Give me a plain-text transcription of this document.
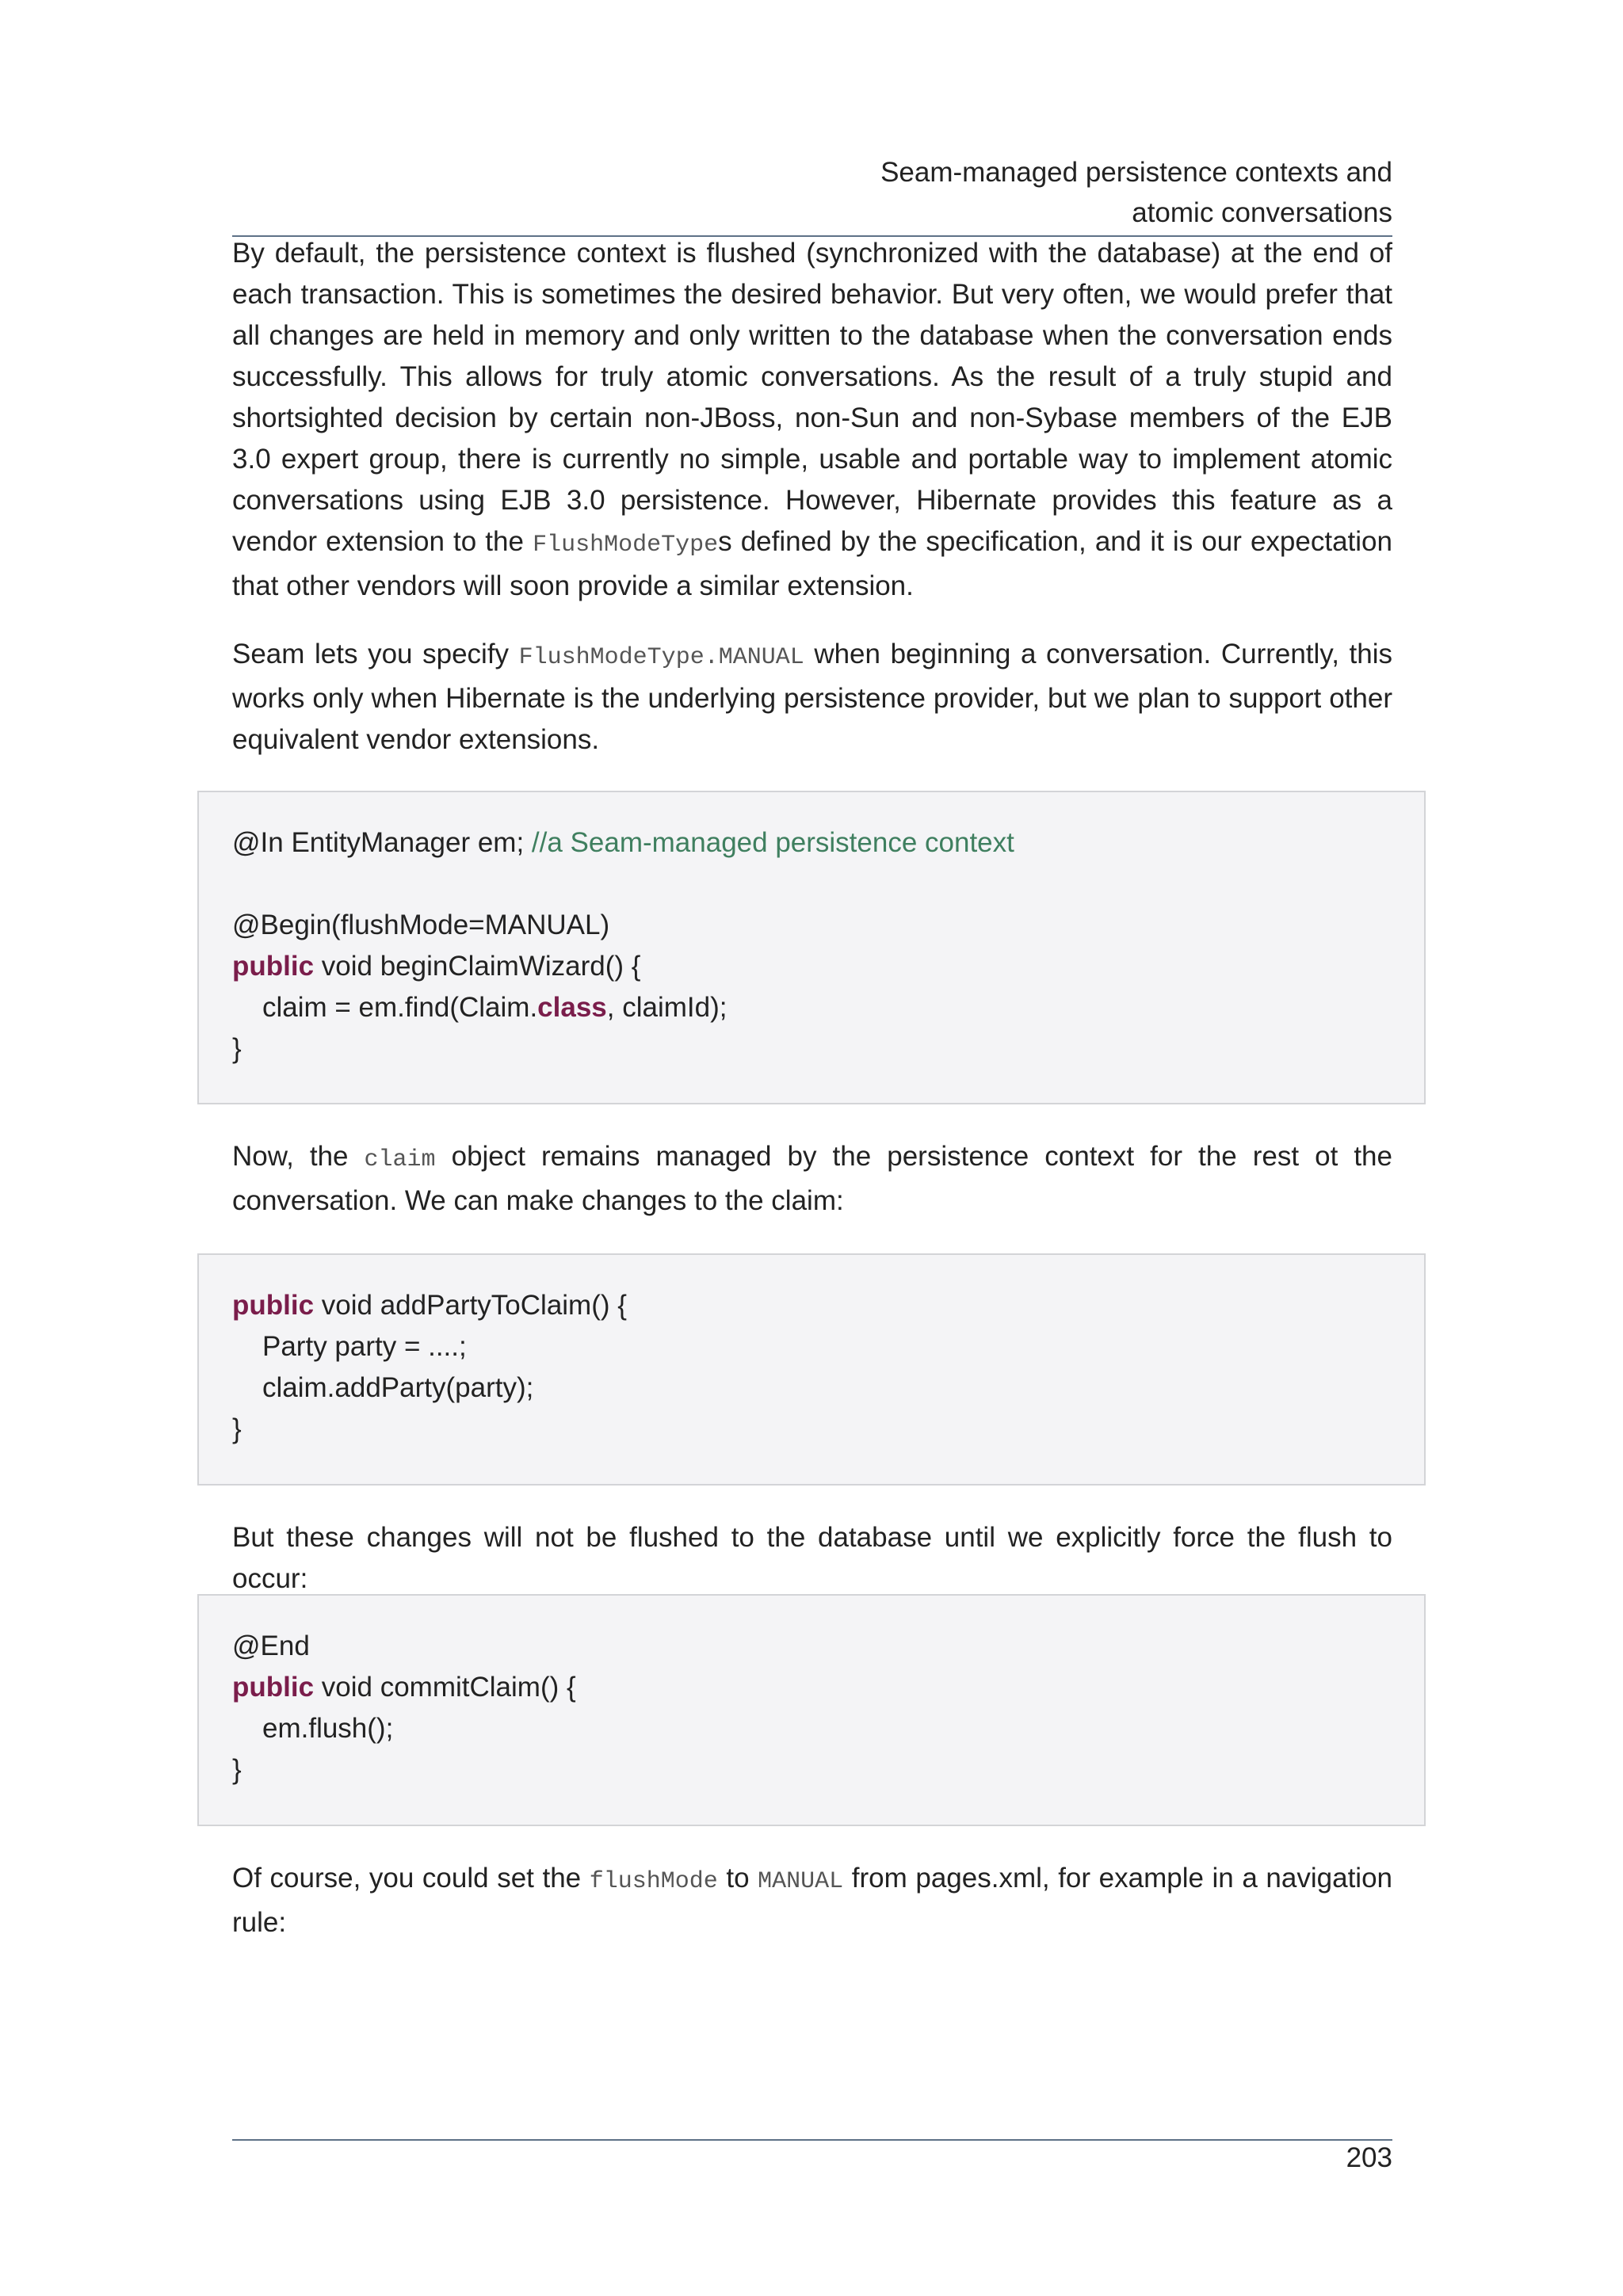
Seam-managed persistence contexts and
atomic conversations

By default, the persistence context is flushed (synchronized with the database) at the end of each transaction. This is sometimes the desired behavior. But very often, we would prefer that all changes are held in memory and only written to the database when the conversation ends successfully. This allows for truly atomic conversations. As the result of a truly stupid and shortsighted decision by certain non-JBoss, non-Sun and non-Sybase members of the EJB 3.0 expert group, there is currently no simple, usable and portable way to implement atomic conversations using EJB 3.0 persistence. However, Hibernate provides this feature as a vendor extension to the FlushModeTypes defined by the specification, and it is our expectation that other vendors will soon provide a similar extension.

Seam lets you specify FlushModeType.MANUAL when beginning a conversation. Currently, this works only when Hibernate is the underlying persistence provider, but we plan to support other equivalent vendor extensions.

@In EntityManager em; //a Seam-managed persistence context
@Begin(flushMode=MANUAL)
public void beginClaimWizard() {
claim = em.find(Claim.class, claimId);
}

Now, the claim object remains managed by the persistence context for the rest ot the conversation. We can make changes to the claim:

public void addPartyToClaim() {
Party party = ....;
claim.addParty(party);
}

But these changes will not be flushed to the database until we explicitly force the flush to occur:

@End
public void commitClaim() {
em.flush();
}

Of course, you could set the flushMode to MANUAL from pages.xml, for example in a navigation rule:

203
